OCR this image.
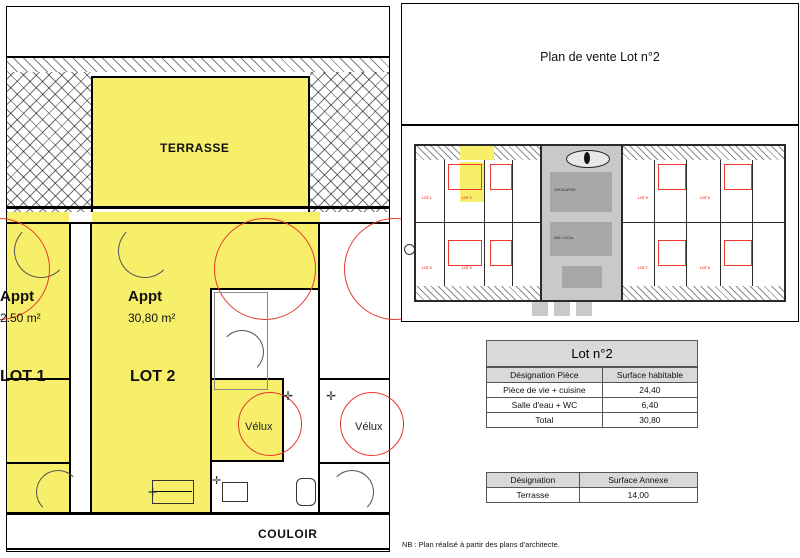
✛	✛
✛
✛
TERRASSE
Appt
2.50 m²
LOT 1
Appt
30,80 m²
LOT 2
Vélux	Vélux
COULOIR
Plan de vente Lot n°2
LOT 1	LOT 2
LOT 3	LOT 4
LOT 5	LOT 6
LOT 7	LOT 8
CIRCULATION
SAS / LOCAL
Lot n°2
Désignation Pièce	Surface habitable
Pièce de vie + cuisine	24,40
Salle d'eau + WC	6,40
Total	30,80
Désignation	Surface Annexe
Terrasse	14,00
NB : Plan réalisé à partir des plans d'architecte.
